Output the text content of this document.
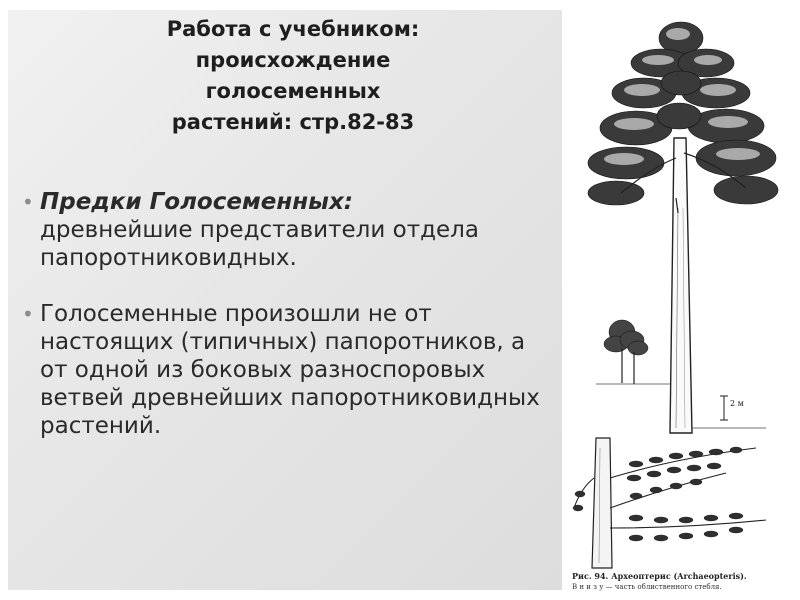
Работа с учебником:
происхождение голосеменных
растений: стр.82-83
• Предки Голосеменных:
древнейшие представители отдела папоротниковидных.
• Голосеменные произошли не от настоящих (типичных) папоротников, а от одной из боковых разноспоровых ветвей древнейших папоротниковидных растений.
2 м
Рис. 94. Археоптерис (Archaeopteris).
В н и з у — часть облиственного стебля.
